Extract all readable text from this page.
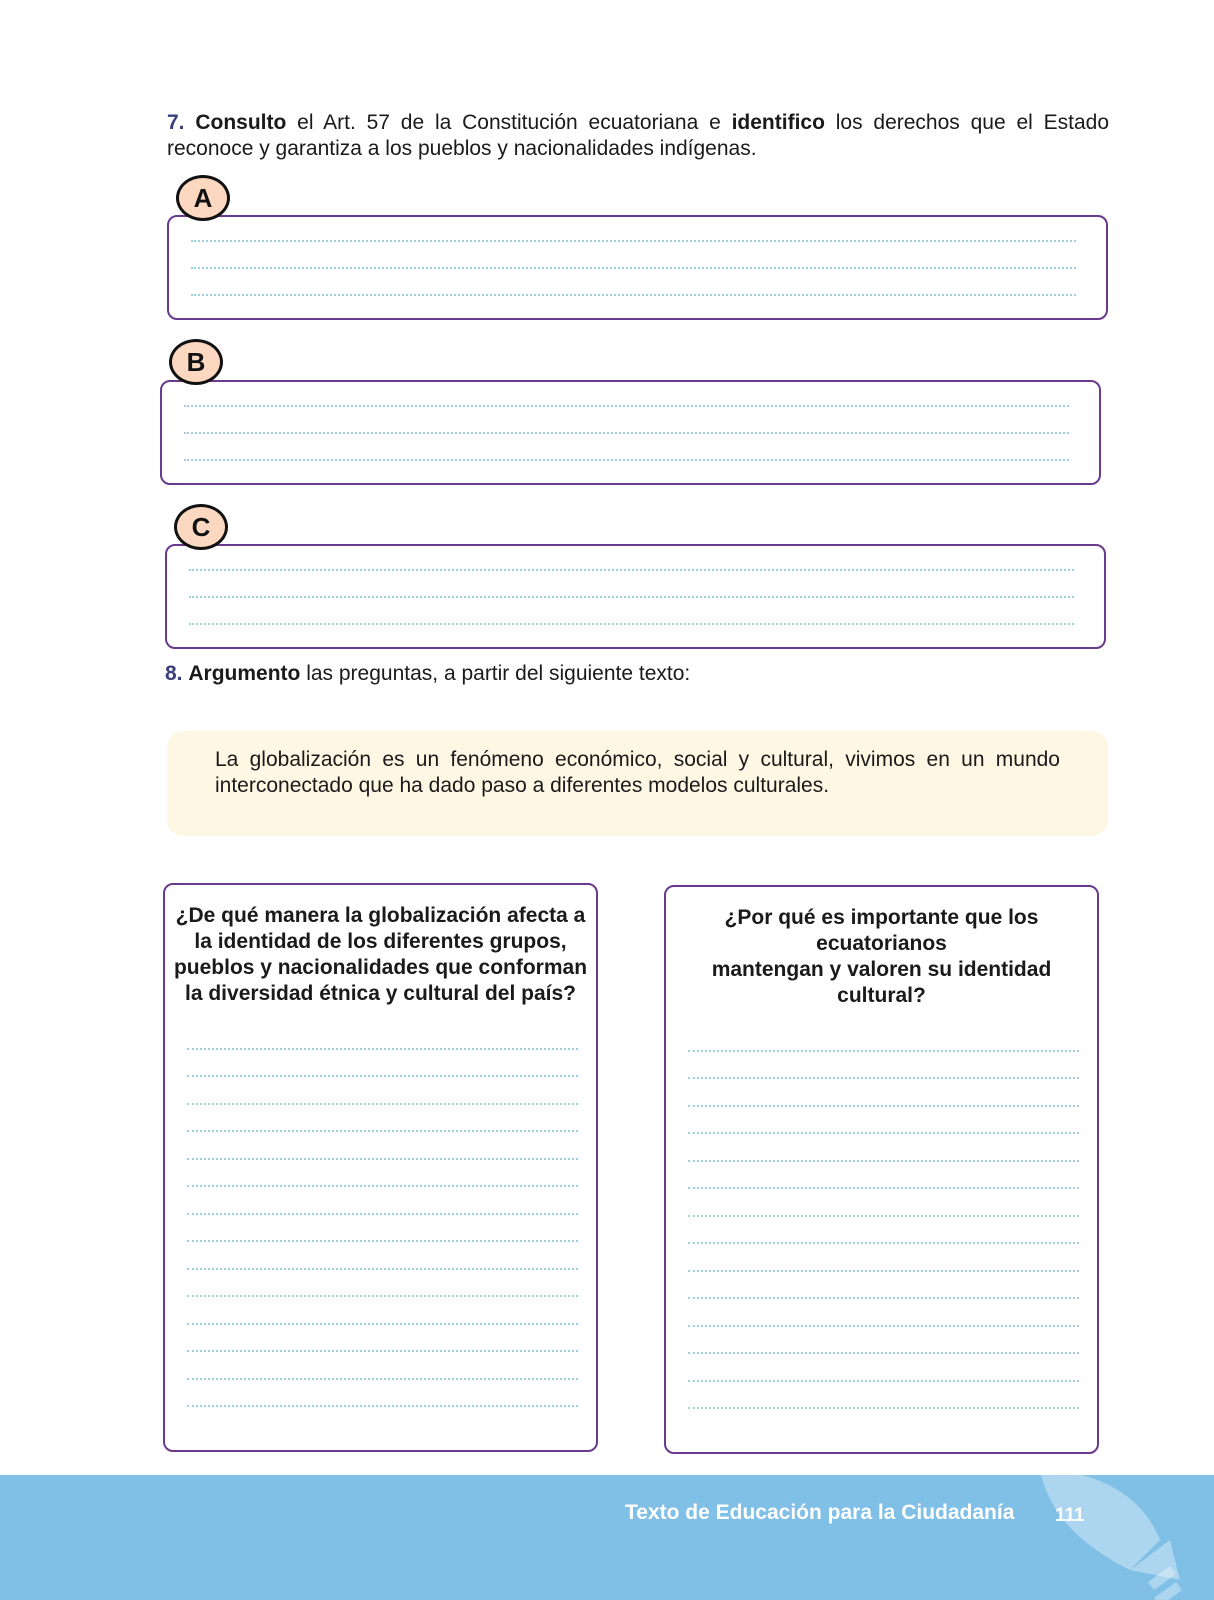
7. Consulto el Art. 57 de la Constitución ecuatoriana e identifico los derechos que el Estado reconoce y garantiza a los pueblos y nacionalidades indígenas.

A
B
C

8. Argumento las preguntas, a partir del siguiente texto:

La globalización es un fenómeno económico, social y cultural, vivimos en un mundo interconectado que ha dado paso a diferentes modelos culturales.

¿De qué manera la globalización afecta a la identidad de los diferentes grupos, pueblos y nacionalidades que conforman la diversidad étnica y cultural del país?

¿Por qué es importante que los ecuatorianos
mantengan y valoren su identidad cultural?

Texto de Educación para la Ciudadanía 111
